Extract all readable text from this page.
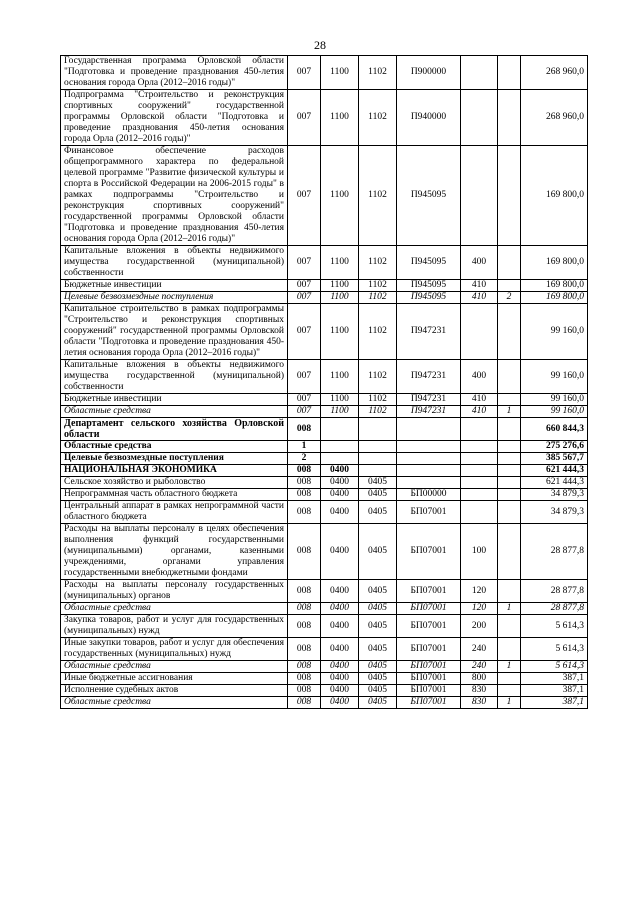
28
Государственная программа Орловской области "Подготовка и проведение празднования 450-летия основания города Орла (2012–2016 годы)"	007	1100	1102	П900000			268 960,0
Подпрограмма "Строительство и реконструкция спортивных сооружений" государственной программы Орловской области "Подготовка и проведение празднования 450-летия основания города Орла (2012–2016 годы)"	007	1100	1102	П940000			268 960,0
Финансовое обеспечение расходов общепрограммного характера по федеральной целевой программе "Развитие физической культуры и спорта в Российской Федерации на 2006-2015 годы" в рамках подпрограммы "Строительство и реконструкция спортивных сооружений" государственной программы Орловской области "Подготовка и проведение празднования 450-летия основания города Орла (2012–2016 годы)"	007	1100	1102	П945095			169 800,0
Капитальные вложения в объекты недвижимого имущества государственной (муниципальной) собственности	007	1100	1102	П945095	400		169 800,0
Бюджетные инвестиции	007	1100	1102	П945095	410		169 800,0
Целевые безвозмездные поступления	007	1100	1102	П945095	410	2	169 800,0
Капитальное строительство в рамках подпрограммы "Строительство и реконструкция спортивных сооружений" государственной программы Орловской области "Подготовка и проведение празднования 450-летия основания города Орла (2012–2016 годы)"	007	1100	1102	П947231			99 160,0
Капитальные вложения в объекты недвижимого имущества государственной (муниципальной) собственности	007	1100	1102	П947231	400		99 160,0
Бюджетные инвестиции	007	1100	1102	П947231	410		99 160,0
Областные средства	007	1100	1102	П947231	410	1	99 160,0
Департамент сельского хозяйства Орловской области	008						660 844,3
Областные средства	1						275 276,6
Целевые безвозмездные поступления	2						385 567,7
НАЦИОНАЛЬНАЯ ЭКОНОМИКА	008	0400					621 444,3
Сельское хозяйство и рыболовство	008	0400	0405				621 444,3
Непрограммная часть областного бюджета	008	0400	0405	БП00000			34 879,3
Центральный аппарат в рамках непрограммной части областного бюджета	008	0400	0405	БП07001			34 879,3
Расходы на выплаты персоналу в целях обеспечения выполнения функций государственными (муниципальными) органами, казенными учреждениями, органами управления государственными внебюджетными фондами	008	0400	0405	БП07001	100		28 877,8
Расходы на выплаты персоналу государственных (муниципальных) органов	008	0400	0405	БП07001	120		28 877,8
Областные средства	008	0400	0405	БП07001	120	1	28 877,8
Закупка товаров, работ и услуг для государственных (муниципальных) нужд	008	0400	0405	БП07001	200		5 614,3
Иные закупки товаров, работ и услуг для обеспечения государственных (муниципальных) нужд	008	0400	0405	БП07001	240		5 614,3
Областные средства	008	0400	0405	БП07001	240	1	5 614,3
Иные бюджетные ассигнования	008	0400	0405	БП07001	800		387,1
Исполнение судебных актов	008	0400	0405	БП07001	830		387,1
Областные средства	008	0400	0405	БП07001	830	1	387,1
